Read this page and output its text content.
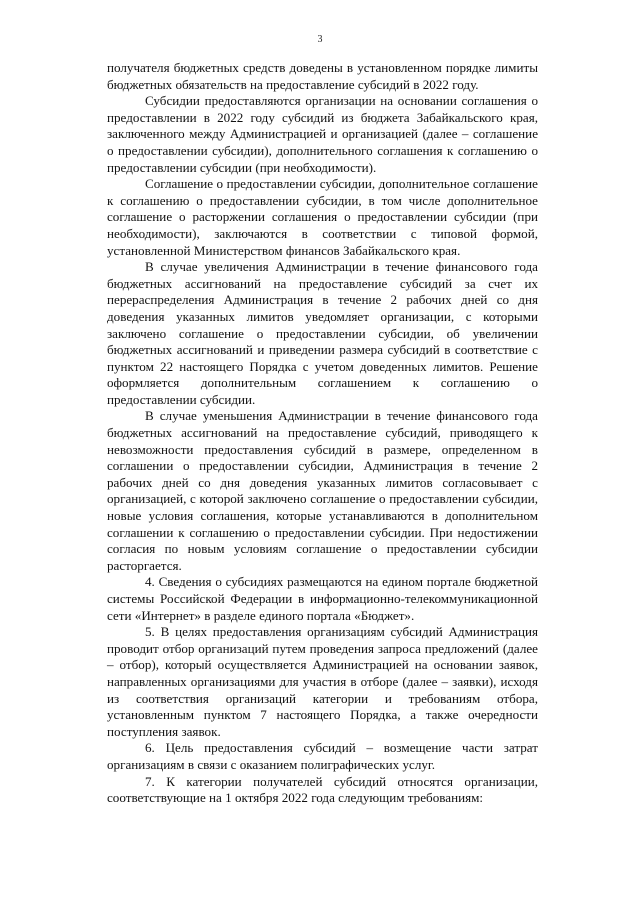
3

получателя бюджетных средств доведены в установленном порядке лимиты бюджетных обязательств на предоставление субсидий в 2022 году.

Субсидии предоставляются организации на основании соглашения о предоставлении в 2022 году субсидий из бюджета Забайкальского края, заключенного между Администрацией и организацией (далее – соглашение о предоставлении субсидии), дополнительного соглашения к соглашению о предоставлении субсидии (при необходимости).

Соглашение о предоставлении субсидии, дополнительное соглашение к соглашению о предоставлении субсидии, в том числе дополнительное соглашение о расторжении соглашения о предоставлении субсидии (при необходимости), заключаются в соответствии с типовой формой, установленной Министерством финансов Забайкальского края.

В случае увеличения Администрации в течение финансового года бюджетных ассигнований на предоставление субсидий за счет их перераспределения Администрация в течение 2 рабочих дней со дня доведения указанных лимитов уведомляет организации, с которыми заключено соглашение о предоставлении субсидии, об увеличении бюджетных ассигнований и приведении размера субсидий в соответствие с пунктом 22 настоящего Порядка с учетом доведенных лимитов. Решение оформляется дополнительным соглашением к соглашению о предоставлении субсидии.

В случае уменьшения Администрации в течение финансового года бюджетных ассигнований на предоставление субсидий, приводящего к невозможности предоставления субсидий в размере, определенном в соглашении о предоставлении субсидии, Администрация в течение 2 рабочих дней со дня доведения указанных лимитов согласовывает с организацией, с которой заключено соглашение о предоставлении субсидии, новые условия соглашения, которые устанавливаются в дополнительном соглашении к соглашению о предоставлении субсидии. При недостижении согласия по новым условиям соглашение о предоставлении субсидии расторгается.

4. Сведения о субсидиях размещаются на едином портале бюджетной системы Российской Федерации в информационно-телекоммуникационной сети «Интернет» в разделе единого портала «Бюджет».

5. В целях предоставления организациям субсидий Администрация проводит отбор организаций путем проведения запроса предложений (далее – отбор), который осуществляется Администрацией на основании заявок, направленных организациями для участия в отборе (далее – заявки), исходя из соответствия организаций категории и требованиям отбора, установленным пунктом 7 настоящего Порядка, а также очередности поступления заявок.

6. Цель предоставления субсидий – возмещение части затрат организациям в связи с оказанием полиграфических услуг.

7. К категории получателей субсидий относятся организации, соответствующие на 1 октября 2022 года следующим требованиям:
